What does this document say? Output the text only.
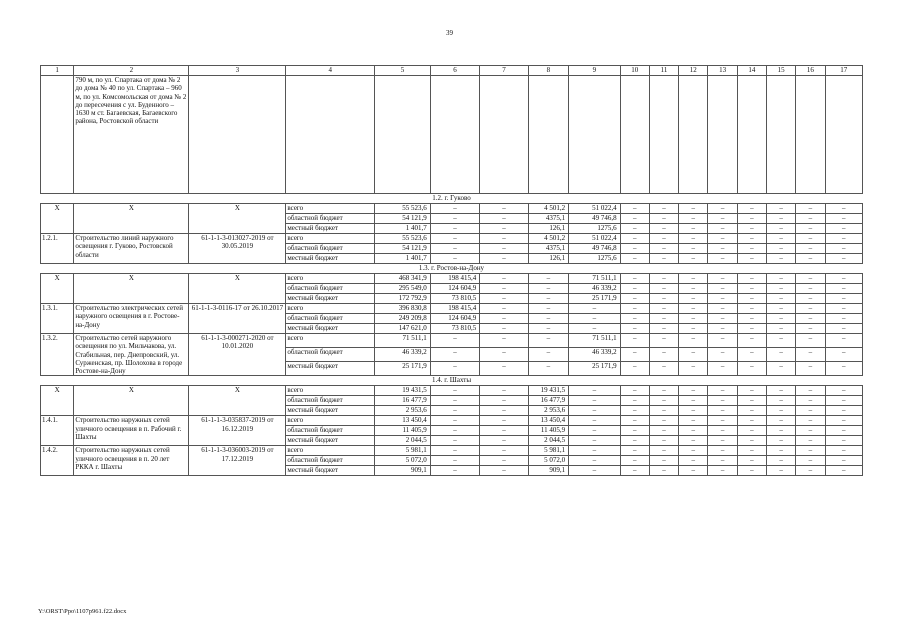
39
1	2	3	4	5	6	7	8	9	10	11	12	13	14	15	16	17
	790 м, по ул. Спартака от дома № 2 до дома № 40 по ул. Спартака – 960 м, по ул. Комсомольская от дома № 2 до пересечения с ул. Буденного – 1630 м ст. Багаевская, Багаевского района, Ростовской области															
1.2. г. Гуково																
X	X	X	всего	55 523,6	–	–	4 501,2	51 022,4	–	–	–	–	–	–	–	–
			областной бюджет	54 121,9	–	–	4375,1	49 746,8	–	–	–	–	–	–	–	–
			местный бюджет	1 401,7	–	–	126,1	1275,6	–	–	–	–	–	–	–	–
1.2.1.	Строительство линий наружного освещения г. Гуково, Ростовской области	61-1-1-3-013027-2019 от 30.05.2019	всего	55 523,6	–	–	4 501,2	51 022,4	–	–	–	–	–	–	–	–
			областной бюджет	54 121,9	–	–	4375,1	49 746,8	–	–	–	–	–	–	–	–
			местный бюджет	1 401,7	–	–	126,1	1275,6	–	–	–	–	–	–	–	–
1.3. г. Ростов-на-Дону																
X	X	X	всего	468 341,9	198 415,4	–	–	71 511,1	–	–	–	–	–	–	–	–
			областной бюджет	295 549,0	124 604,9	–	–	46 339,2	–	–	–	–	–	–	–	–
			местный бюджет	172 792,9	73 810,5	–	–	25 171,9	–	–	–	–	–	–	–	–
1.3.1.	Строительство электрических сетей наружного освещения в г. Ростове-на-Дону	61-1-1-3-0116-17 от 26.10.2017	всего	396 830,8	198 415,4	–	–	–	–	–	–	–	–	–	–	–
			областной бюджет	249 209,8	124 604,9	–	–	–	–	–	–	–	–	–	–	–
			местный бюджет	147 621,0	73 810,5	–	–	–	–	–	–	–	–	–	–	–
1.3.2.	Строительство сетей наружного освещения по ул. Мильчакова, ул. Стабильная, пер. Днепровский, ул. Сурженская, пр. Шолохова в городе Ростове-на-Дону	61-1-1-3-000271-2020 от 10.01.2020	всего	71 511,1	–	–	–	71 511,1	–	–	–	–	–	–	–	–
			областной бюджет	46 339,2	–	–	–	46 339,2	–	–	–	–	–	–	–	–
			местный бюджет	25 171,9	–	–	–	25 171,9	–	–	–	–	–	–	–	–
1.4. г. Шахты																
X	X	X	всего	19 431,5	–	–	19 431,5	–	–	–	–	–	–	–	–	–
			областной бюджет	16 477,9	–	–	16 477,9	–	–	–	–	–	–	–	–	–
			местный бюджет	2 953,6	–	–	2 953,6	–	–	–	–	–	–	–	–	–
1.4.1.	Строительство наружных сетей уличного освещения в п. Рабочий г. Шахты	61-1-1-3-035837-2019 от 16.12.2019	всего	13 450,4	–	–	13 450,4	–	–	–	–	–	–	–	–	–
			областной бюджет	11 405,9	–	–	11 405,9	–	–	–	–	–	–	–	–	–
			местный бюджет	2 044,5	–	–	2 044,5	–	–	–	–	–	–	–	–	–
1.4.2.	Строительство наружных сетей уличного освещения в п. 20 лет РККА г. Шахты	61-1-1-3-036003-2019 от 17.12.2019	всего	5 981,1	–	–	5 981,1	–	–	–	–	–	–	–	–	–
			областной бюджет	5 072,0	–	–	5 072,0	–	–	–	–	–	–	–	–	–
			местный бюджет	909,1	–	–	909,1	–	–	–	–	–	–	–	–	–
Y:\ORST\Ppo\1107p961.f22.docx
